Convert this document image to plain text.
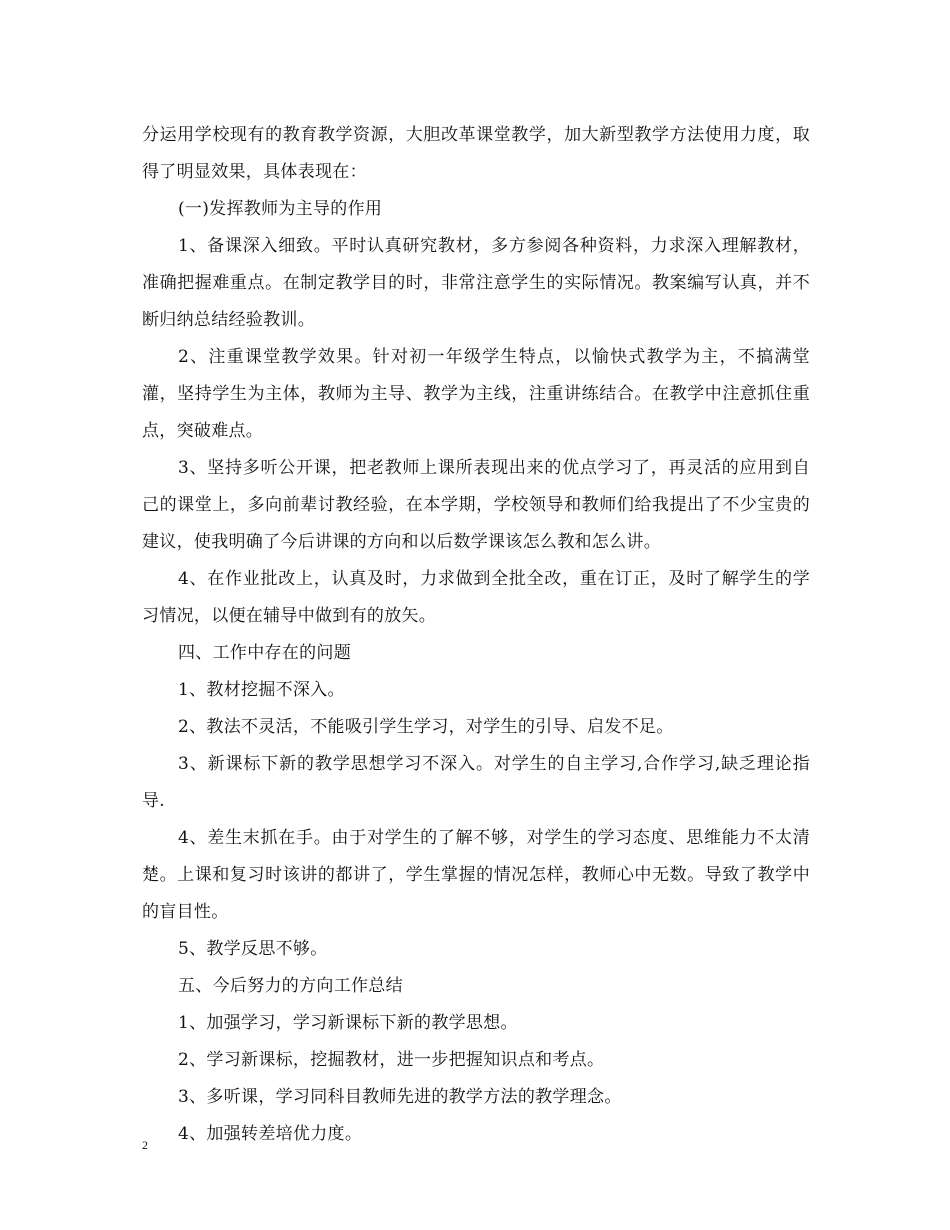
分运用学校现有的教育教学资源，大胆改革课堂教学，加大新型教学方法使用力度，取得了明显效果，具体表现在：

(一)发挥教师为主导的作用

1、备课深入细致。平时认真研究教材，多方参阅各种资料，力求深入理解教材，准确把握难重点。在制定教学目的时，非常注意学生的实际情况。教案编写认真，并不断归纳总结经验教训。

2、注重课堂教学效果。针对初一年级学生特点，以愉快式教学为主，不搞满堂灌，坚持学生为主体，教师为主导、教学为主线，注重讲练结合。在教学中注意抓住重点，突破难点。

3、坚持多听公开课，把老教师上课所表现出来的优点学习了，再灵活的应用到自己的课堂上，多向前辈讨教经验，在本学期，学校领导和教师们给我提出了不少宝贵的建议，使我明确了今后讲课的方向和以后数学课该怎么教和怎么讲。

4、在作业批改上，认真及时，力求做到全批全改，重在订正，及时了解学生的学习情况，以便在辅导中做到有的放矢。

四、工作中存在的问题

1、教材挖掘不深入。

2、教法不灵活，不能吸引学生学习，对学生的引导、启发不足。

3、新课标下新的教学思想学习不深入。对学生的自主学习,合作学习,缺乏理论指导.

4、差生末抓在手。由于对学生的了解不够，对学生的学习态度、思维能力不太清楚。上课和复习时该讲的都讲了，学生掌握的情况怎样，教师心中无数。导致了教学中的盲目性。

5、教学反思不够。

五、今后努力的方向工作总结

1、加强学习，学习新课标下新的教学思想。

2、学习新课标，挖掘教材，进一步把握知识点和考点。

3、多听课，学习同科目教师先进的教学方法的教学理念。

4、加强转差培优力度。

2
